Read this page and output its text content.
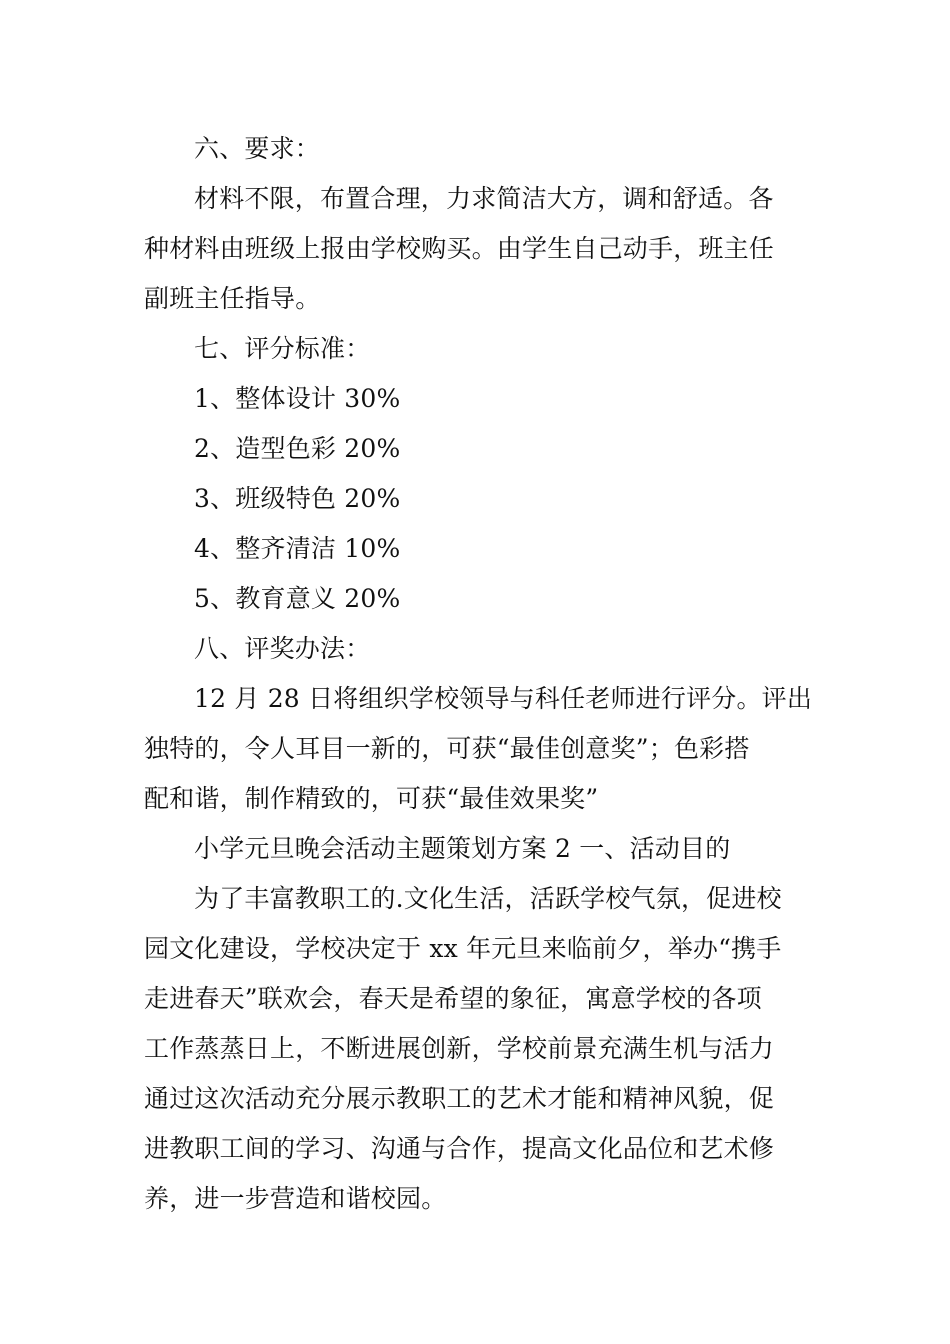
六、要求：
材料不限，布置合理，力求简洁大方，调和舒适。各
种材料由班级上报由学校购买。由学生自己动手，班主任
副班主任指导。
七、评分标准：
1、整体设计 30%
2、造型色彩 20%
3、班级特色 20%
4、整齐清洁 10%
5、教育意义 20%
八、评奖办法：
12 月 28 日将组织学校领导与科任老师进行评分。评出
独特的，令人耳目一新的，可获“最佳创意奖”；色彩搭
配和谐，制作精致的，可获“最佳效果奖”
小学元旦晚会活动主题策划方案 2 一、活动目的
为了丰富教职工的.文化生活，活跃学校气氛，促进校
园文化建设，学校决定于 xx 年元旦来临前夕，举办“携手
走进春天”联欢会，春天是希望的象征，寓意学校的各项
工作蒸蒸日上，不断进展创新，学校前景充满生机与活力
通过这次活动充分展示教职工的艺术才能和精神风貌，促
进教职工间的学习、沟通与合作，提高文化品位和艺术修
养，进一步营造和谐校园。
